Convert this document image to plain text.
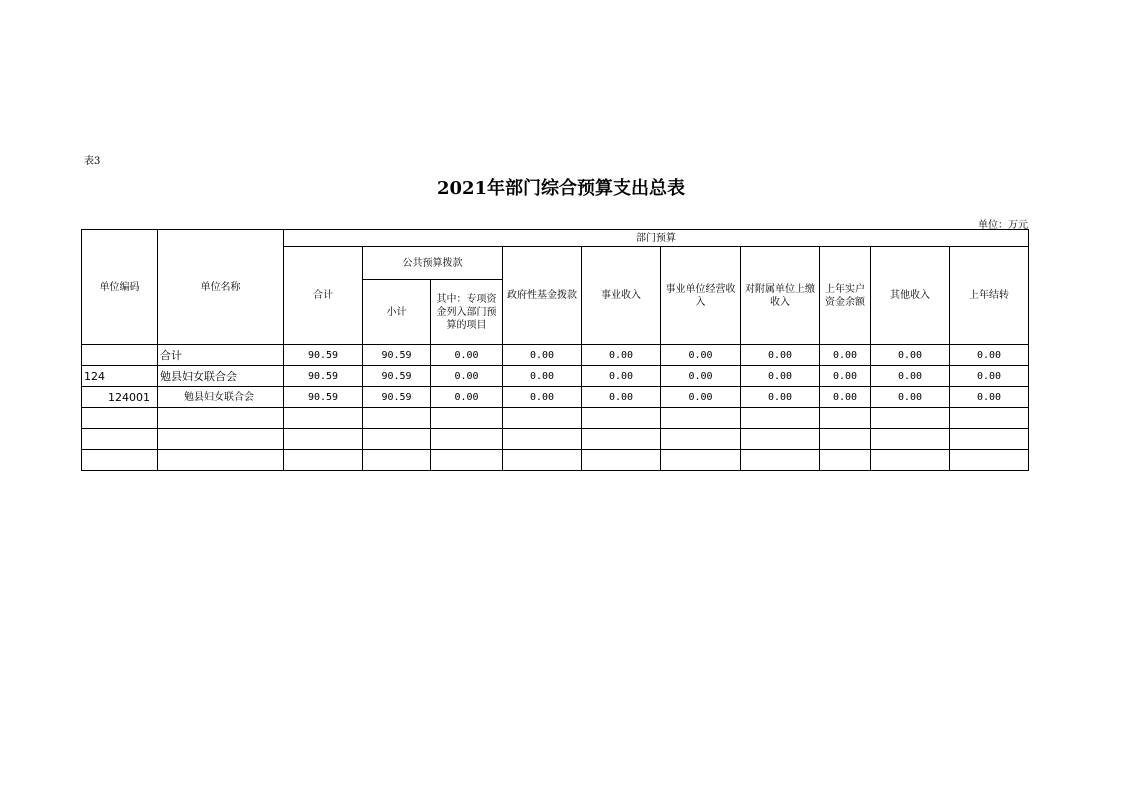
表3
2021年部门综合预算支出总表
单位：万元
单位编码	单位名称	部门预算									
		合计	公共预算拨款		政府性基金拨款	事业收入	事业单位经营收入	对附属单位上缴收入	上年实户资金余额	其他收入	上年结转
			小计	其中：专项资金列入部门预算的项目							
	合计	90.59	90.59	0.00	0.00	0.00	0.00	0.00	0.00	0.00	0.00
124	勉县妇女联合会	90.59	90.59	0.00	0.00	0.00	0.00	0.00	0.00	0.00	0.00
124001	勉县妇女联合会	90.59	90.59	0.00	0.00	0.00	0.00	0.00	0.00	0.00	0.00
